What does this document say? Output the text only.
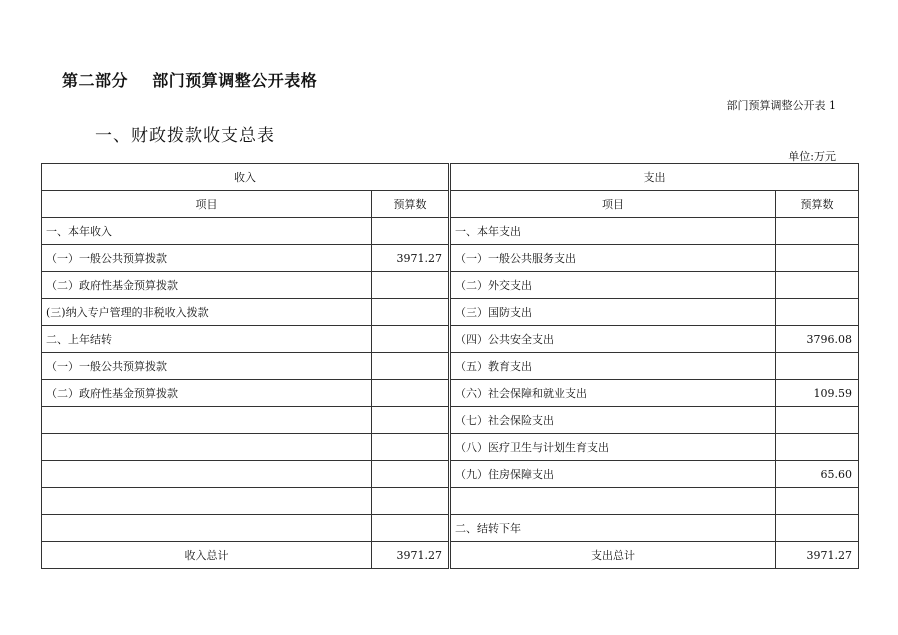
第二部分    部门预算调整公开表格
部门预算调整公开表 1
一、财政拨款收支总表
单位:万元
收入			支出	
项目	预算数		项目	预算数
一、本年收入			一、本年支出	
（一）一般公共预算拨款	3971.27		（一）一般公共服务支出	
（二）政府性基金预算拨款			（二）外交支出	
(三)纳入专户管理的非税收入拨款			（三）国防支出	
二、上年结转			（四）公共安全支出	3796.08
（一）一般公共预算拨款			（五）教育支出	
（二）政府性基金预算拨款			（六）社会保障和就业支出	109.59
			（七）社会保险支出	
			（八）医疗卫生与计划生育支出	
			（九）住房保障支出	65.60

			二、结转下年	
收入总计	3971.27		支出总计	3971.27
